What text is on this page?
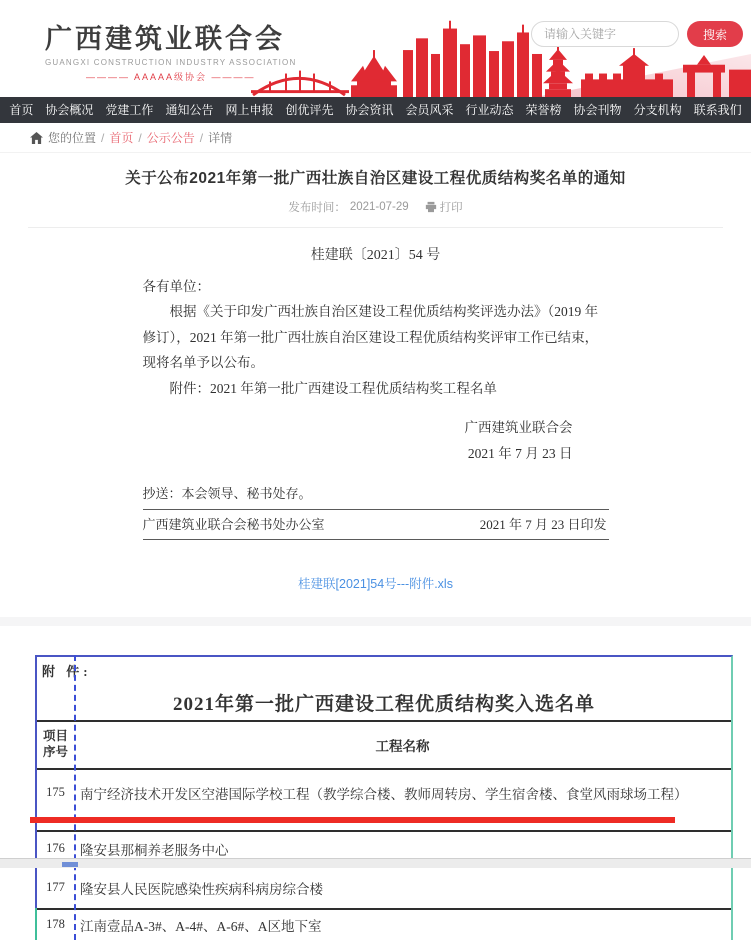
广西建筑业联合会
GUANGXI CONSTRUCTION INDUSTRY ASSOCIATION
———— AAAAA级协会 ————
请输入关键字
搜索
首页	协会概况	党建工作	通知公告	网上申报	创优评先	协会资讯	会员风采	行业动态	荣誉榜	协会刊物	分支机构	联系我们
您的位置 / 首页 / 公示公告 / 详情
关于公布2021年第一批广西壮族自治区建设工程优质结构奖名单的通知
发布时间： 2021-07-29	打印
桂建联〔2021〕54 号

各有单位：

根据《关于印发广西壮族自治区建设工程优质结构奖评选办法》（2019 年修订），2021 年第一批广西壮族自治区建设工程优质结构奖评审工作已结束，现将名单予以公布。

附件：2021 年第一批广西建设工程优质结构奖工程名单

广西建筑业联合会
2021 年 7 月 23 日
抄送：本会领导、秘书处存。
广西建筑业联合会秘书处办公室	2021 年 7 月 23 日印发
桂建联[2021]54号---附件.xls
附 件:
2021年第一批广西建设工程优质结构奖入选名单
项目序号	工程名称
175	南宁经济技术开发区空港国际学校工程（教学综合楼、教师周转房、学生宿舍楼、食堂风雨球场工程）
176	隆安县那桐养老服务中心
177	隆安县人民医院感染性疾病科病房综合楼
178	江南壹品A-3#、A-4#、A-6#、A区地下室
